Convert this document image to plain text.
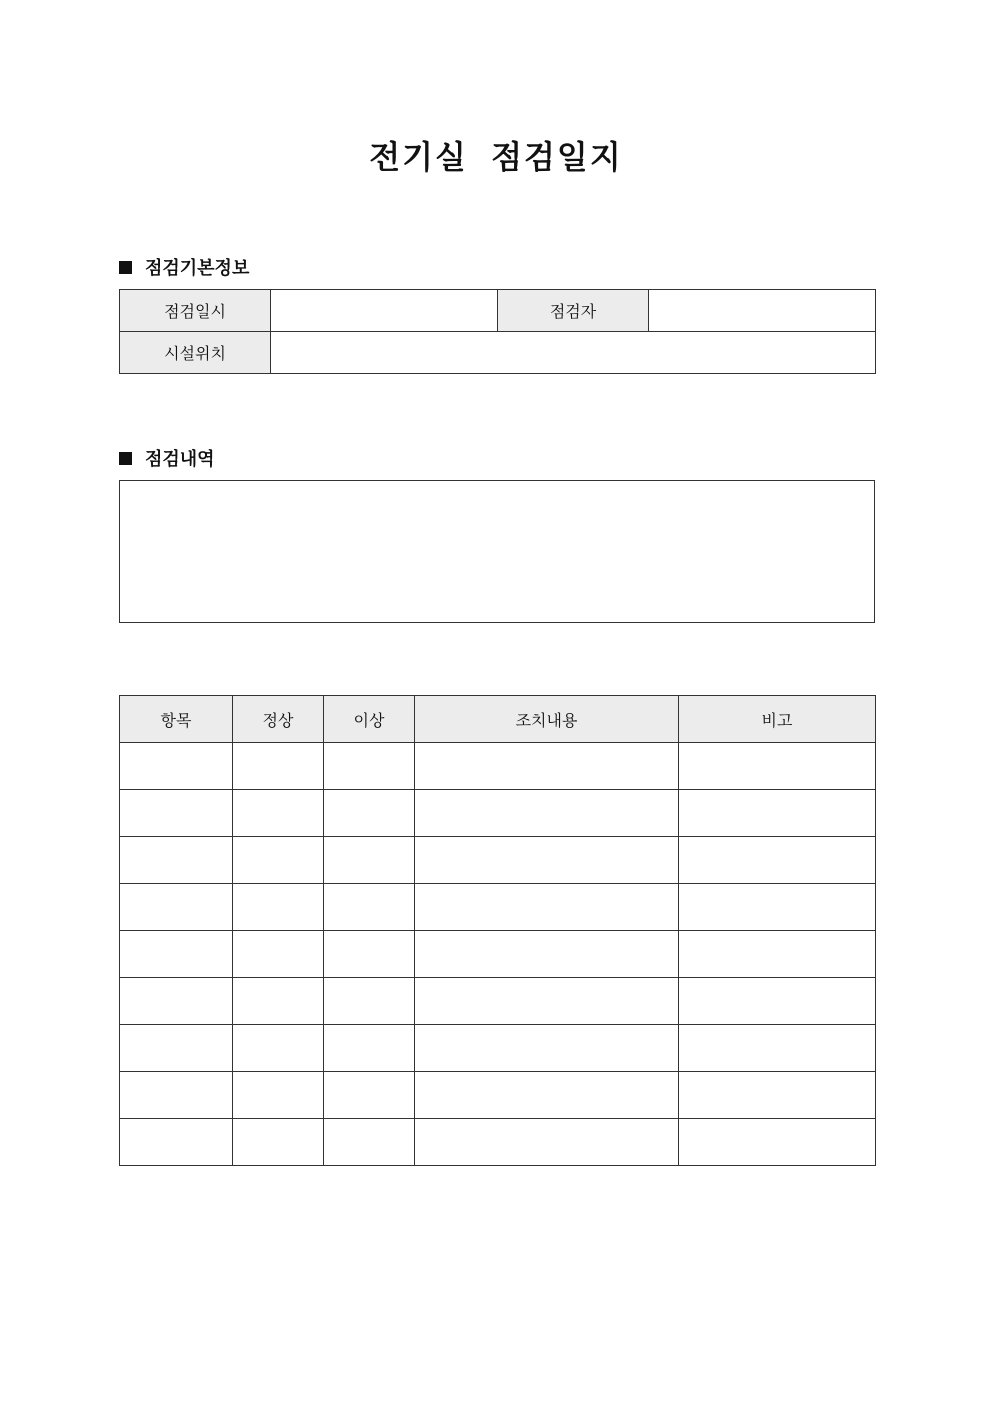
전기실 점검일지
점검기본정보
점검일시		점검자	
시설위치			
점검내역
항목	정상	이상	조치내용	비고
